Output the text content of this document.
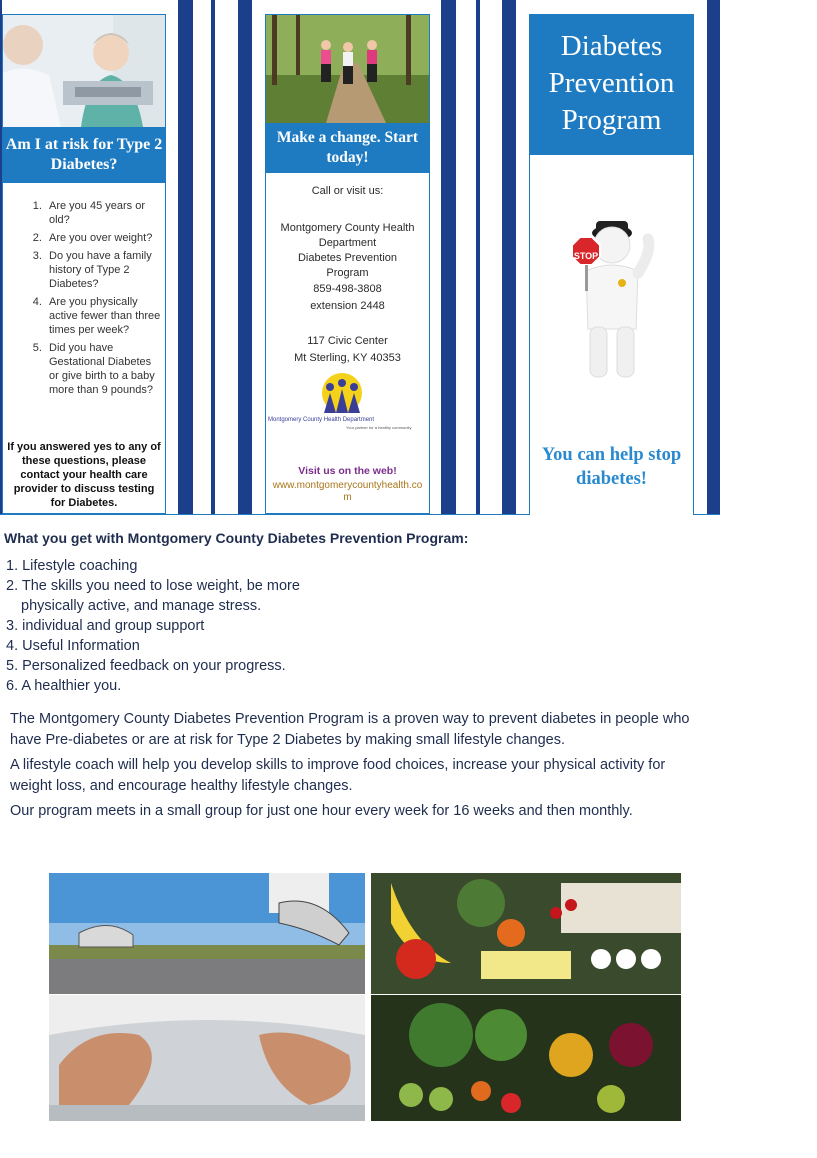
Am I at risk for Type 2 Diabetes?
1. Are you 45 years or old?
2. Are you over weight?
3. Do you have a family history of Type 2 Diabetes?
4. Are you physically active fewer than three times per week?
5. Did you have Gestational Diabetes or give birth to a baby more than 9 pounds?
If you answered yes to any of these questions, please contact your health care provider to discuss testing for Diabetes.
Make a change. Start today!
Call or visit us:
Montgomery County Health Department
Diabetes Prevention Program
859-498-3808
extension 2448
117 Civic Center
Mt Sterling, KY 40353
Montgomery County Health Department
Your partner for a healthy community
Visit us on the web!
www.montgomerycountyhealth.com
Diabetes Prevention Program
STOP
You can help stop diabetes!
What you get with Montgomery County Diabetes Prevention Program:
1. Lifestyle coaching
2. The skills you need to lose weight, be more
physically active, and manage stress.
3. individual and group support
4. Useful Information
5. Personalized feedback on your progress.
6. A healthier you.

The Montgomery County Diabetes Prevention Program is a proven way to prevent diabetes in people who have Pre-diabetes or are at risk for Type 2 Diabetes by making small lifestyle changes.

A lifestyle coach will help you develop skills to improve food choices, increase your physical activity for weight loss, and encourage healthy lifestyle changes.

Our program meets in a small group for just one hour every week for 16 weeks and then monthly.
